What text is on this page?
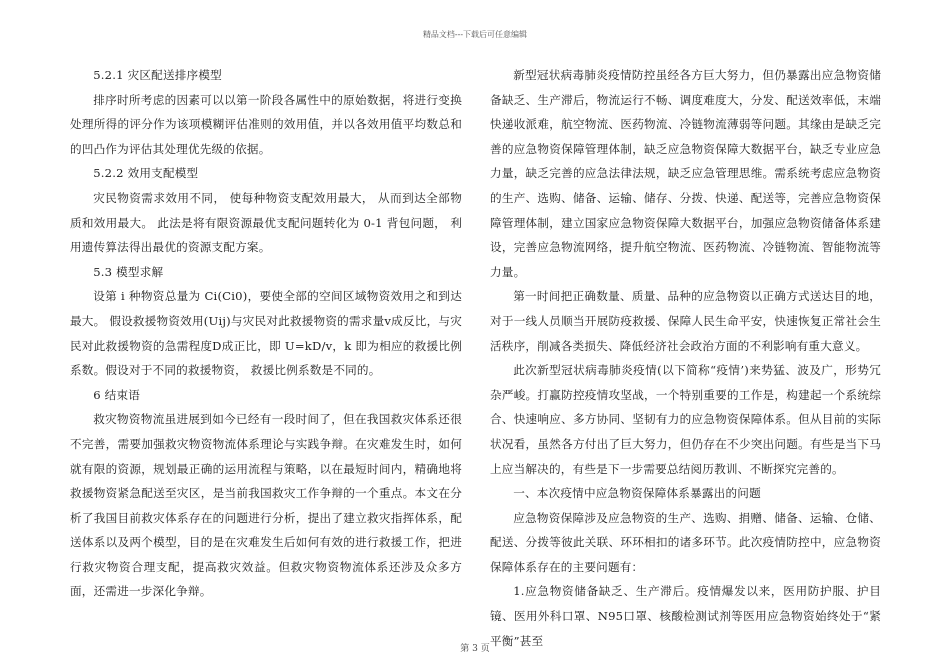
精品文档---下载后可任意编辑

5.2.1 灾区配送排序模型

排序时所考虑的因素可以以第一阶段各属性中的原始数据，将进行变换处理所得的评分作为该项模糊评估准则的效用值，并以各效用值平均数总和的凹凸作为评估其处理优先级的依据。

5.2.2 效用支配模型

灾民物资需求效用不同， 使每种物资支配效用最大， 从而到达全部物质和效用最大。 此法是将有限资源最优支配问题转化为 0-1 背包问题， 利用遗传算法得出最优的资源支配方案。

5.3 模型求解

设第 i 种物资总量为 Ci(Ci0)，要使全部的空间区域物资效用之和到达最大。 假设救援物资效用(Uij)与灾民对此救援物资的需求量v成反比，与灾民对此救援物资的急需程度D成正比，即 U=kD/v，k 即为相应的救援比例系数。假设对于不同的救援物资， 救援比例系数是不同的。

6 结束语

救灾物资物流虽进展到如今已经有一段时间了，但在我国救灾体系还很不完善，需要加强救灾物资物流体系理论与实践争辩。在灾难发生时，如何就有限的资源，规划最正确的运用流程与策略，以在最短时间内，精确地将救援物资紧急配送至灾区，是当前我国救灾工作争辩的一个重点。本文在分析了我国目前救灾体系存在的问题进行分析，提出了建立救灾指挥体系，配送体系以及两个模型，目的是在灾难发生后如何有效的进行救援工作，把进行救灾物资合理支配，提高救灾效益。但救灾物资物流体系还涉及众多方面，还需进一步深化争辩。

新型冠状病毒肺炎疫情防控虽经各方巨大努力，但仍暴露出应急物资储备缺乏、生产滞后，物流运行不畅、调度难度大，分发、配送效率低，末端快递收派难，航空物流、医药物流、冷链物流薄弱等问题。其缘由是缺乏完善的应急物资保障管理体制，缺乏应急物资保障大数据平台，缺乏专业应急力量，缺乏完善的应急法律法规，缺乏应急管理思维。需系统考虑应急物资的生产、选购、储备、运输、储存、分拨、快递、配送等，完善应急物资保障管理体制，建立国家应急物资保障大数据平台，加强应急物资储备体系建设，完善应急物流网络，提升航空物流、医药物流、冷链物流、智能物流等力量。

第一时间把正确数量、质量、品种的应急物资以正确方式送达目的地，对于一线人员顺当开展防疫救援、保障人民生命平安，快速恢复正常社会生活秩序，削减各类损失、降低经济社会政治方面的不利影响有重大意义。

此次新型冠状病毒肺炎疫情(以下简称“疫情’)来势猛、波及广，形势冗杂严峻。打赢防控疫情攻坚战，一个特别重要的工作是，构建起一个系统综合、快速响应、多方协同、坚韧有力的应急物资保障体系。但从目前的实际状况看，虽然各方付出了巨大努力，但仍存在不少突出问题。有些是当下马上应当解决的，有些是下一步需要总结阅历教训、不断探究完善的。

一、本次疫情中应急物资保障体系暴露出的问题

应急物资保障涉及应急物资的生产、选购、捐赠、储备、运输、仓储、配送、分拨等彼此关联、环环相扣的诸多环节。此次疫情防控中，应急物资保障体系存在的主要问题有：

1.应急物资储备缺乏、生产滞后。疫情爆发以来，医用防护服、护目镜、医用外科口罩、N95口罩、核酸检测试剂等医用应急物资始终处于“紧平衡”甚至

第 3 页
